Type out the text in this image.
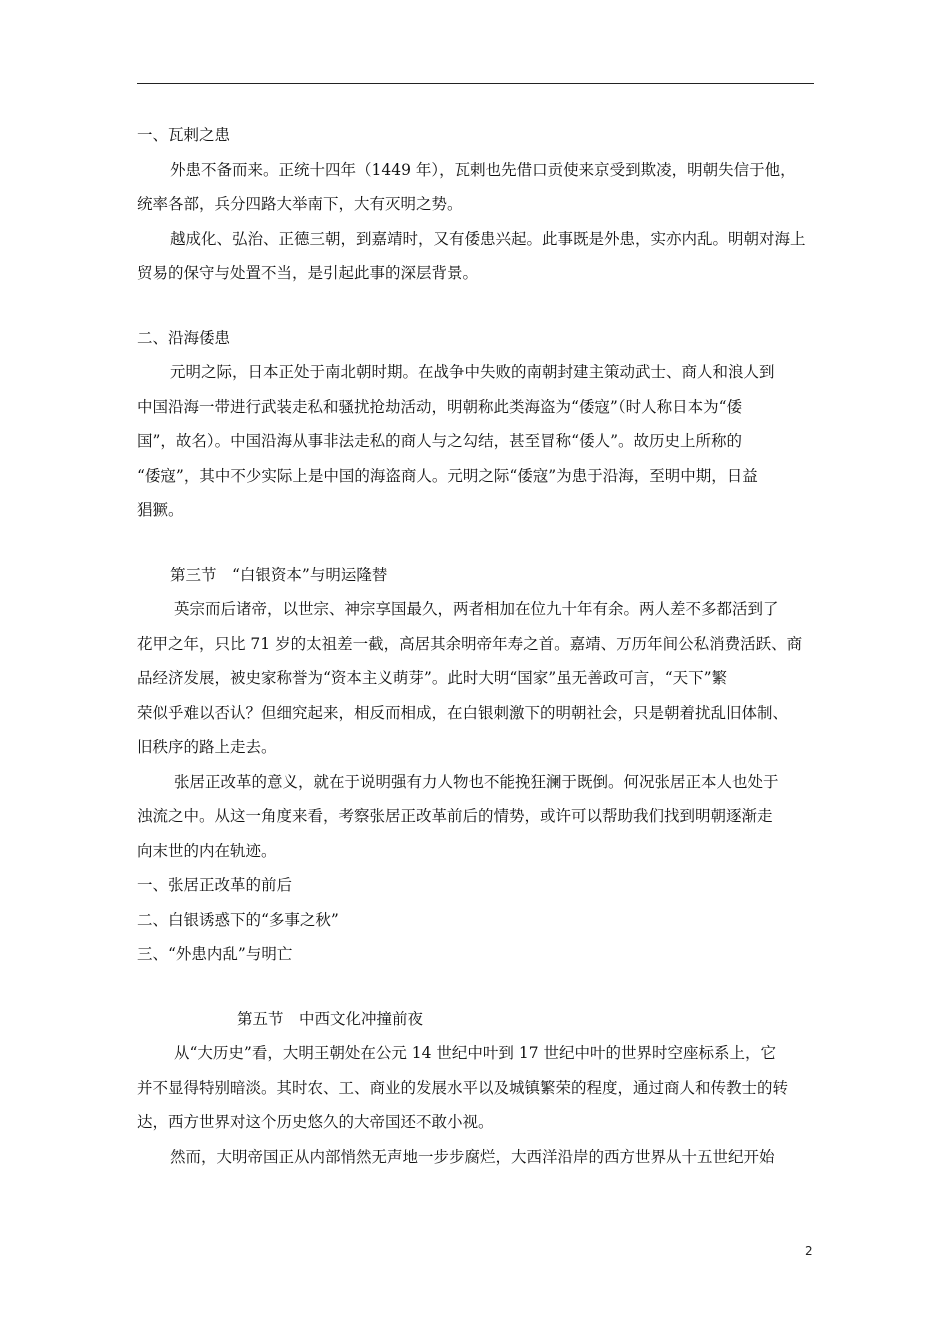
一、瓦剌之患
外患不备而来。正统十四年（1449 年），瓦剌也先借口贡使来京受到欺凌，明朝失信于他，
统率各部，兵分四路大举南下，大有灭明之势。
越成化、弘治、正德三朝，到嘉靖时，又有倭患兴起。此事既是外患，实亦内乱。明朝对海上
贸易的保守与处置不当，是引起此事的深层背景。
二、沿海倭患
元明之际，日本正处于南北朝时期。在战争中失败的南朝封建主策动武士、商人和浪人到
中国沿海一带进行武装走私和骚扰抢劫活动，明朝称此类海盗为“倭寇”（时人称日本为“倭
国”，故名）。中国沿海从事非法走私的商人与之勾结，甚至冒称“倭人”。故历史上所称的
“倭寇”，其中不少实际上是中国的海盗商人。元明之际“倭寇”为患于沿海，至明中期，日益
猖獗。
第三节　“白银资本”与明运隆替
英宗而后诸帝，以世宗、神宗享国最久，两者相加在位九十年有余。两人差不多都活到了
花甲之年，只比 71 岁的太祖差一截，高居其余明帝年寿之首。嘉靖、万历年间公私消费活跃、商
品经济发展，被史家称誉为“资本主义萌芽”。此时大明“国家”虽无善政可言，“天下”繁
荣似乎难以否认？但细究起来，相反而相成，在白银刺激下的明朝社会，只是朝着扰乱旧体制、
旧秩序的路上走去。
张居正改革的意义，就在于说明强有力人物也不能挽狂澜于既倒。何况张居正本人也处于
浊流之中。从这一角度来看，考察张居正改革前后的情势，或许可以帮助我们找到明朝逐渐走
向末世的内在轨迹。
一、张居正改革的前后
二、白银诱惑下的“多事之秋”
三、“外患内乱”与明亡
第五节　中西文化冲撞前夜
从“大历史”看，大明王朝处在公元 14 世纪中叶到 17 世纪中叶的世界时空座标系上，它
并不显得特别暗淡。其时农、工、商业的发展水平以及城镇繁荣的程度，通过商人和传教士的转
达，西方世界对这个历史悠久的大帝国还不敢小视。
然而，大明帝国正从内部悄然无声地一步步腐烂，大西洋沿岸的西方世界从十五世纪开始
2
